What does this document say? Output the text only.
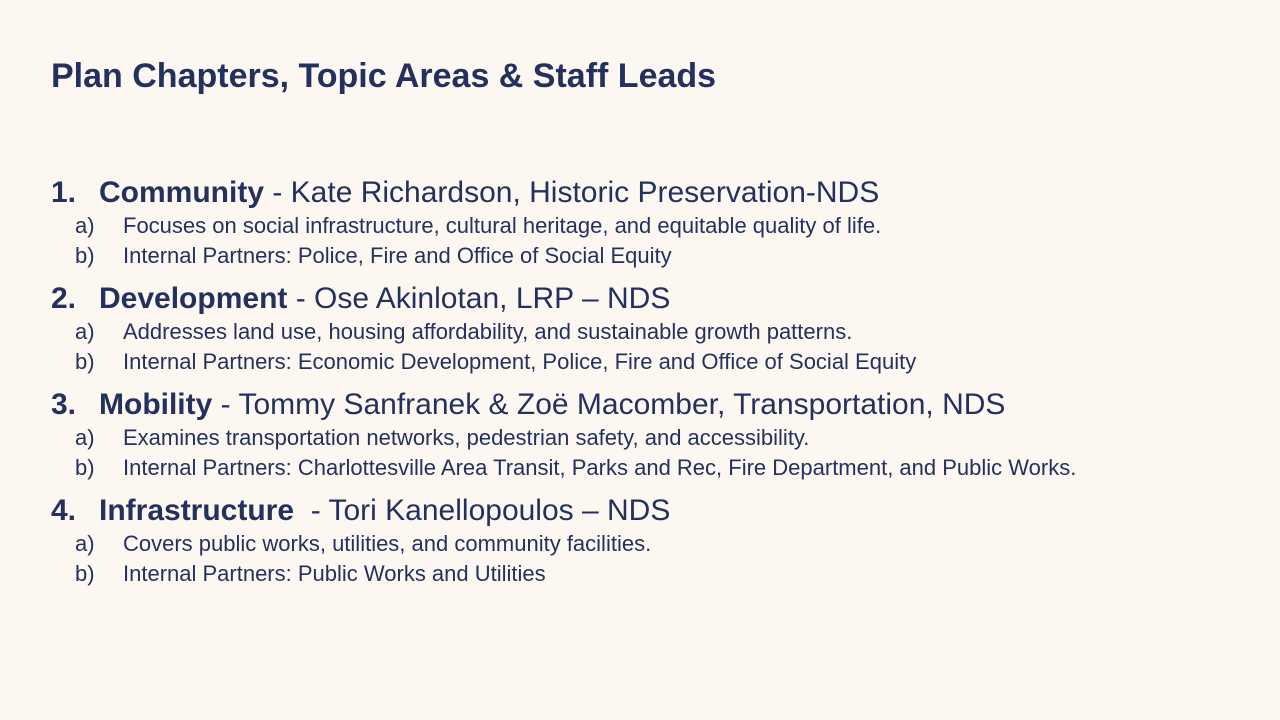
Plan Chapters, Topic Areas & Staff Leads
1. Community - Kate Richardson, Historic Preservation-NDS
a) Focuses on social infrastructure, cultural heritage, and equitable quality of life.
b) Internal Partners: Police, Fire and Office of Social Equity
2. Development - Ose Akinlotan, LRP – NDS
a) Addresses land use, housing affordability, and sustainable growth patterns.
b) Internal Partners: Economic Development, Police, Fire and Office of Social Equity
3. Mobility - Tommy Sanfranek & Zoë Macomber, Transportation, NDS
a) Examines transportation networks, pedestrian safety, and accessibility.
b) Internal Partners: Charlottesville Area Transit, Parks and Rec, Fire Department, and Public Works.
4. Infrastructure  - Tori Kanellopoulos – NDS
a) Covers public works, utilities, and community facilities.
b) Internal Partners: Public Works and Utilities
